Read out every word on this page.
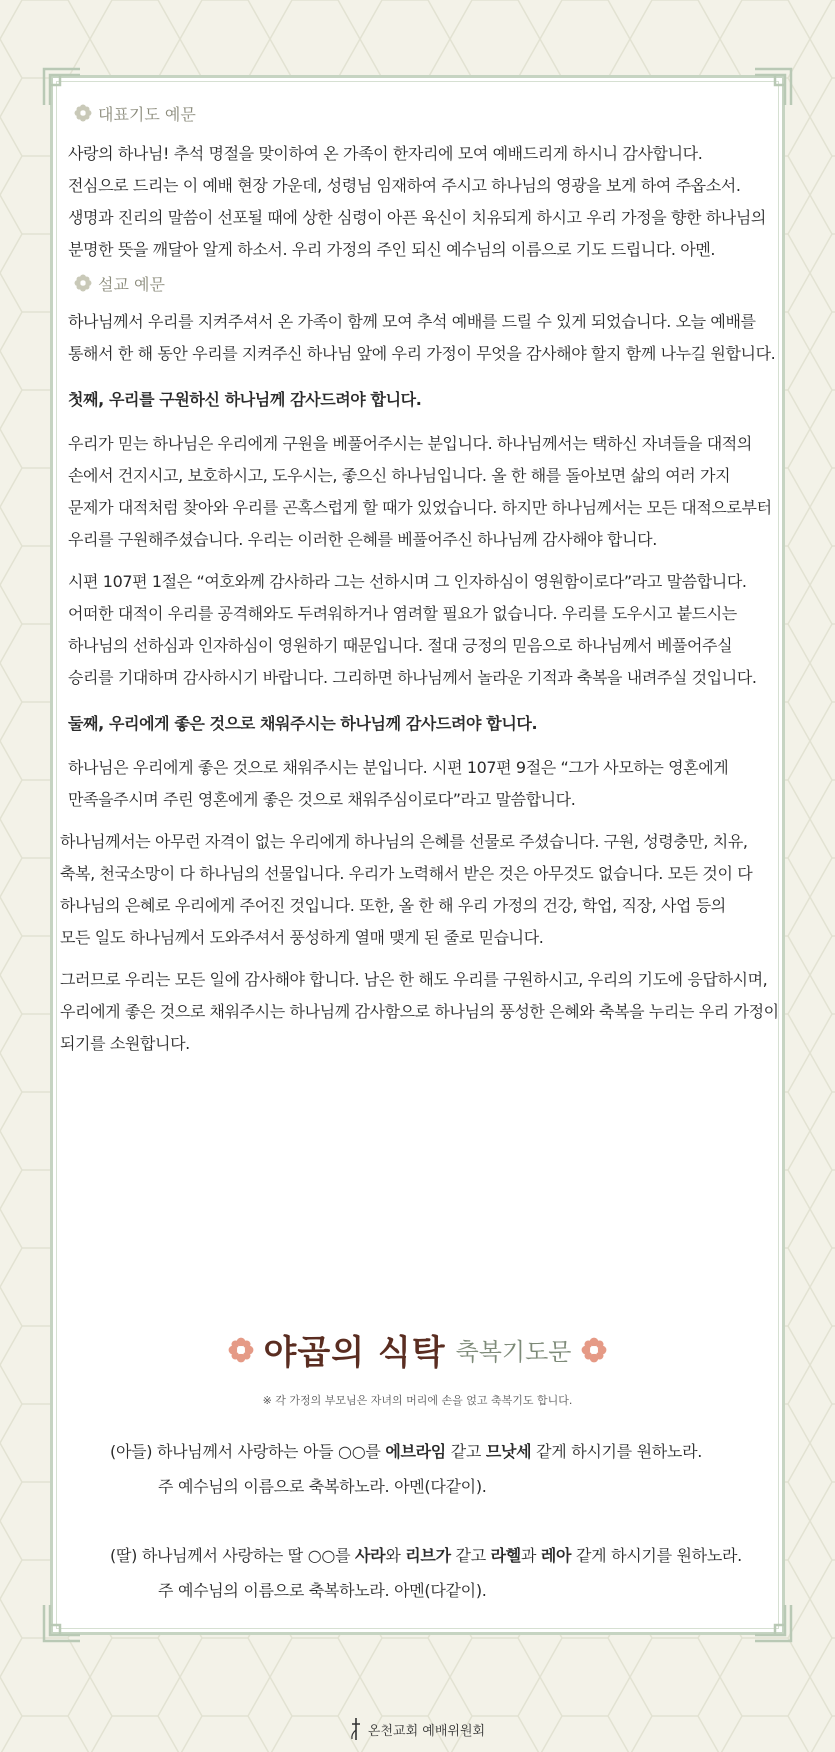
대표기도 예문

사랑의 하나님! 추석 명절을 맞이하여 온 가족이 한자리에 모여 예배드리게 하시니 감사합니다.
전심으로 드리는 이 예배 현장 가운데, 성령님 임재하여 주시고 하나님의 영광을 보게 하여 주옵소서.
생명과 진리의 말씀이 선포될 때에 상한 심령이 아픈 육신이 치유되게 하시고 우리 가정을 향한 하나님의
분명한 뜻을 깨달아 알게 하소서. 우리 가정의 주인 되신 예수님의 이름으로 기도 드립니다. 아멘.

설교 예문

하나님께서 우리를 지켜주셔서 온 가족이 함께 모여 추석 예배를 드릴 수 있게 되었습니다. 오늘 예배를
통해서 한 해 동안 우리를 지켜주신 하나님 앞에 우리 가정이 무엇을 감사해야 할지 함께 나누길 원합니다.

첫째, 우리를 구원하신 하나님께 감사드려야 합니다.

우리가 믿는 하나님은 우리에게 구원을 베풀어주시는 분입니다. 하나님께서는 택하신 자녀들을 대적의
손에서 건지시고, 보호하시고, 도우시는, 좋으신 하나님입니다. 올 한 해를 돌아보면 삶의 여러 가지
문제가 대적처럼 찾아와 우리를 곤혹스럽게 할 때가 있었습니다. 하지만 하나님께서는 모든 대적으로부터
우리를 구원해주셨습니다. 우리는 이러한 은혜를 베풀어주신 하나님께 감사해야 합니다.

시편 107편 1절은 “여호와께 감사하라 그는 선하시며 그 인자하심이 영원함이로다”라고 말씀합니다.
어떠한 대적이 우리를 공격해와도 두려워하거나 염려할 필요가 없습니다. 우리를 도우시고 붙드시는
하나님의 선하심과 인자하심이 영원하기 때문입니다. 절대 긍정의 믿음으로 하나님께서 베풀어주실
승리를 기대하며 감사하시기 바랍니다. 그리하면 하나님께서 놀라운 기적과 축복을 내려주실 것입니다.

둘째, 우리에게 좋은 것으로 채워주시는 하나님께 감사드려야 합니다.

하나님은 우리에게 좋은 것으로 채워주시는 분입니다. 시편 107편 9절은 “그가 사모하는 영혼에게
만족을주시며 주린 영혼에게 좋은 것으로 채워주심이로다”라고 말씀합니다.

하나님께서는 아무런 자격이 없는 우리에게 하나님의 은혜를 선물로 주셨습니다. 구원, 성령충만, 치유,
축복, 천국소망이 다 하나님의 선물입니다. 우리가 노력해서 받은 것은 아무것도 없습니다. 모든 것이 다
하나님의 은혜로 우리에게 주어진 것입니다. 또한, 올 한 해 우리 가정의 건강, 학업, 직장, 사업 등의
모든 일도 하나님께서 도와주셔서 풍성하게 열매 맺게 된 줄로 믿습니다.

그러므로 우리는 모든 일에 감사해야 합니다. 남은 한 해도 우리를 구원하시고, 우리의 기도에 응답하시며,
우리에게 좋은 것으로 채워주시는 하나님께 감사함으로 하나님의 풍성한 은혜와 축복을 누리는 우리 가정이
되기를 소원합니다.

야곱의 식탁 축복기도문
※ 각 가정의 부모님은 자녀의 머리에 손을 얹고 축복기도 합니다.
(아들) 하나님께서 사랑하는 아들 ○○를 에브라임 같고 므낫세 같게 하시기를 원하노라.
주 예수님의 이름으로 축복하노라. 아멘(다같이).
(딸) 하나님께서 사랑하는 딸 ○○를 사라와 리브가 같고 라헬과 레아 같게 하시기를 원하노라.
주 예수님의 이름으로 축복하노라. 아멘(다같이).
온천교회 예배위원회
